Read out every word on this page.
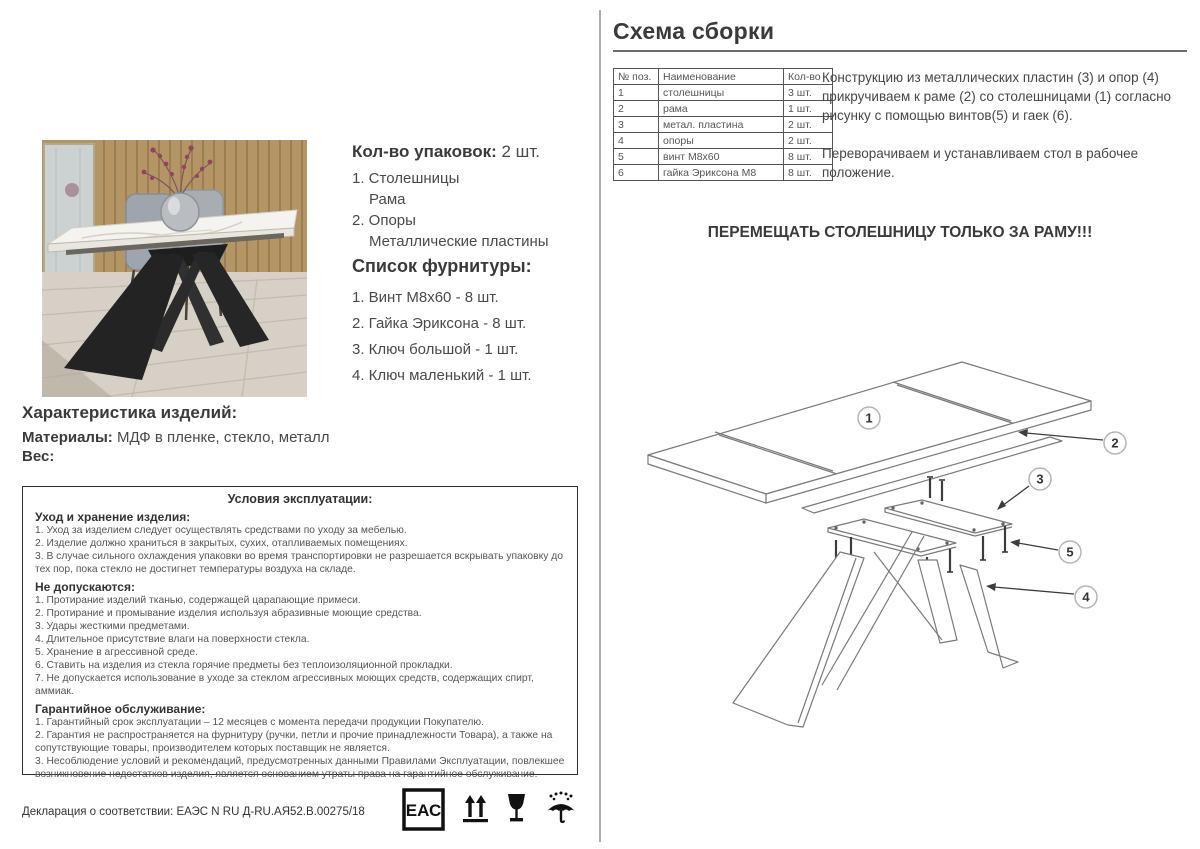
Кол-во упаковок: 2 шт.
1. Столешницы
Рама
2. Опоры
Металлические пластины
Список фурнитуры:
1. Винт М8х60 - 8 шт.
2. Гайка Эриксона - 8 шт.
3. Ключ большой - 1 шт.
4. Ключ маленький - 1 шт.
Характеристика изделий:
Материалы: МДФ в пленке, стекло, металл
Вес:
Условия эксплуатации:
Уход и хранение изделия:
1. Уход за изделием следует осуществлять средствами по уходу за мебелью.
2. Изделие должно храниться в закрытых, сухих, отапливаемых помещениях.
3. В случае сильного охлаждения упаковки во время транспортировки не разрешается вскрывать упаковку до тех пор, пока стекло не достигнет температуры воздуха на складе.
Не допускаются:
1. Протирание изделий тканью, содержащей царапающие примеси.
2. Протирание и промывание изделия используя абразивные моющие средства.
3. Удары жесткими предметами.
4. Длительное присутствие влаги на поверхности стекла.
5. Хранение в агрессивной среде.
6. Ставить на изделия из стекла горячие предметы без теплоизоляционной прокладки.
7. Не допускается использование в уходе за стеклом агрессивных моющих средств, содержащих спирт, аммиак.
Гарантийное обслуживание:
1. Гарантийный срок эксплуатации – 12 месяцев с момента передачи продукции Покупателю.
2. Гарантия не распространяется на фурнитуру (ручки, петли и прочие принадлежности Товара), а также на сопутствующие товары, производителем которых поставщик не является.
3. Несоблюдение условий и рекомендаций, предусмотренных данными Правилами Эксплуатации, повлекшее возникновение недостатков изделия, является основанием утраты права на гарантийное обслуживание.
Декларация о соответствии: ЕАЭС N RU Д-RU.АЯ52.В.00275/18 ЕАС
Схема сборки
№ поз.	Наименование	Кол-во
1	столешницы	3 шт.
2	рама	1 шт.
3	метал. пластина	2 шт.
4	опоры	2 шт.
5	винт М8х60	8 шт.
6	гайка Эриксона М8	8 шт.

Конструкцию из металлических пластин (3) и опор (4) прикручиваем к раме (2) со столешницами (1) согласно рисунку с помощью винтов(5) и гаек (6).

Переворачиваем и устанавливаем стол в рабочее положение.

ПЕРЕМЕЩАТЬ СТОЛЕШНИЦУ ТОЛЬКО ЗА РАМУ!!!
1
2
3
5
4
